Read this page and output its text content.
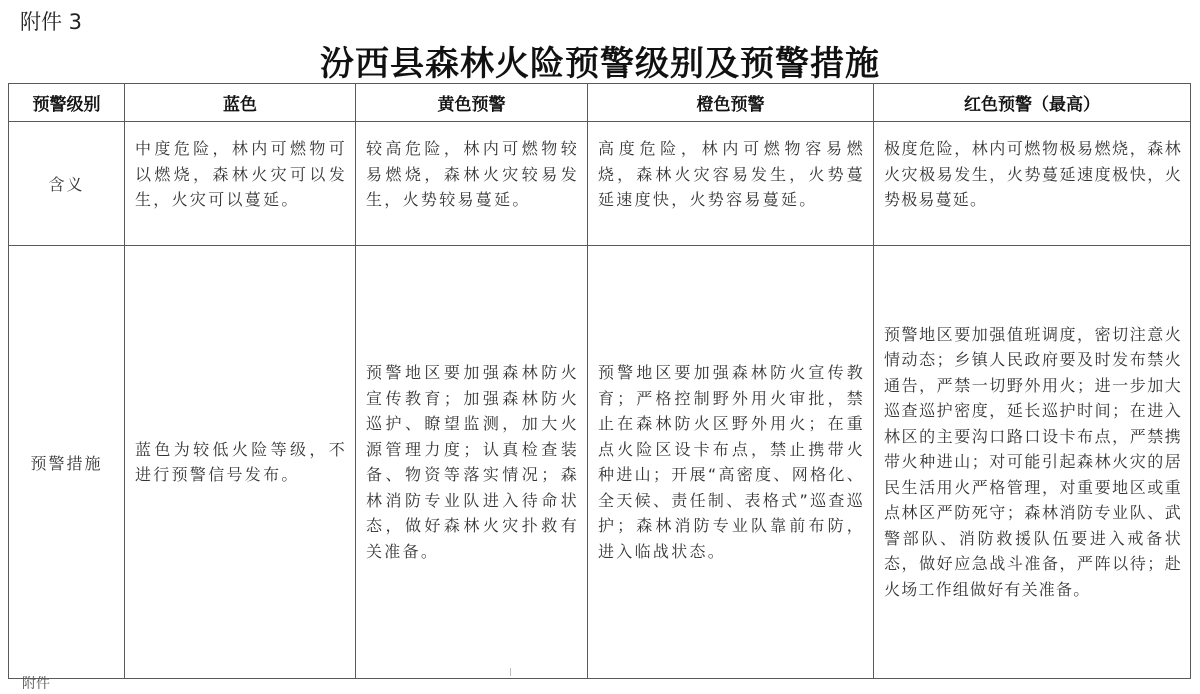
附件 3
汾西县森林火险预警级别及预警措施
预警级别	蓝色	黄色预警	橙色预警	红色预警（最高）
含义	中度危险，林内可燃物可以燃烧，森林火灾可以发生，火灾可以蔓延。	较高危险，林内可燃物较易燃烧，森林火灾较易发生，火势较易蔓延。	高度危险，林内可燃物容易燃烧，森林火灾容易发生，火势蔓延速度快，火势容易蔓延。	极度危险，林内可燃物极易燃烧，森林火灾极易发生，火势蔓延速度极快，火势极易蔓延。
预警措施	蓝色为较低火险等级，不进行预警信号发布。	预警地区要加强森林防火宣传教育；加强森林防火巡护、瞭望监测，加大火源管理力度；认真检查装备、物资等落实情况；森林消防专业队进入待命状态，做好森林火灾扑救有关准备。	预警地区要加强森林防火宣传教育；严格控制野外用火审批，禁止在森林防火区野外用火；在重点火险区设卡布点，禁止携带火种进山；开展“高密度、网格化、全天候、责任制、表格式”巡查巡护；森林消防专业队靠前布防，进入临战状态。	预警地区要加强值班调度，密切注意火情动态；乡镇人民政府要及时发布禁火通告，严禁一切野外用火；进一步加大巡查巡护密度，延长巡护时间；在进入林区的主要沟口路口设卡布点，严禁携带火种进山；对可能引起森林火灾的居民生活用火严格管理，对重要地区或重点林区严防死守；森林消防专业队、武警部队、消防救援队伍要进入戒备状态，做好应急战斗准备，严阵以待；赴火场工作组做好有关准备。
附件
